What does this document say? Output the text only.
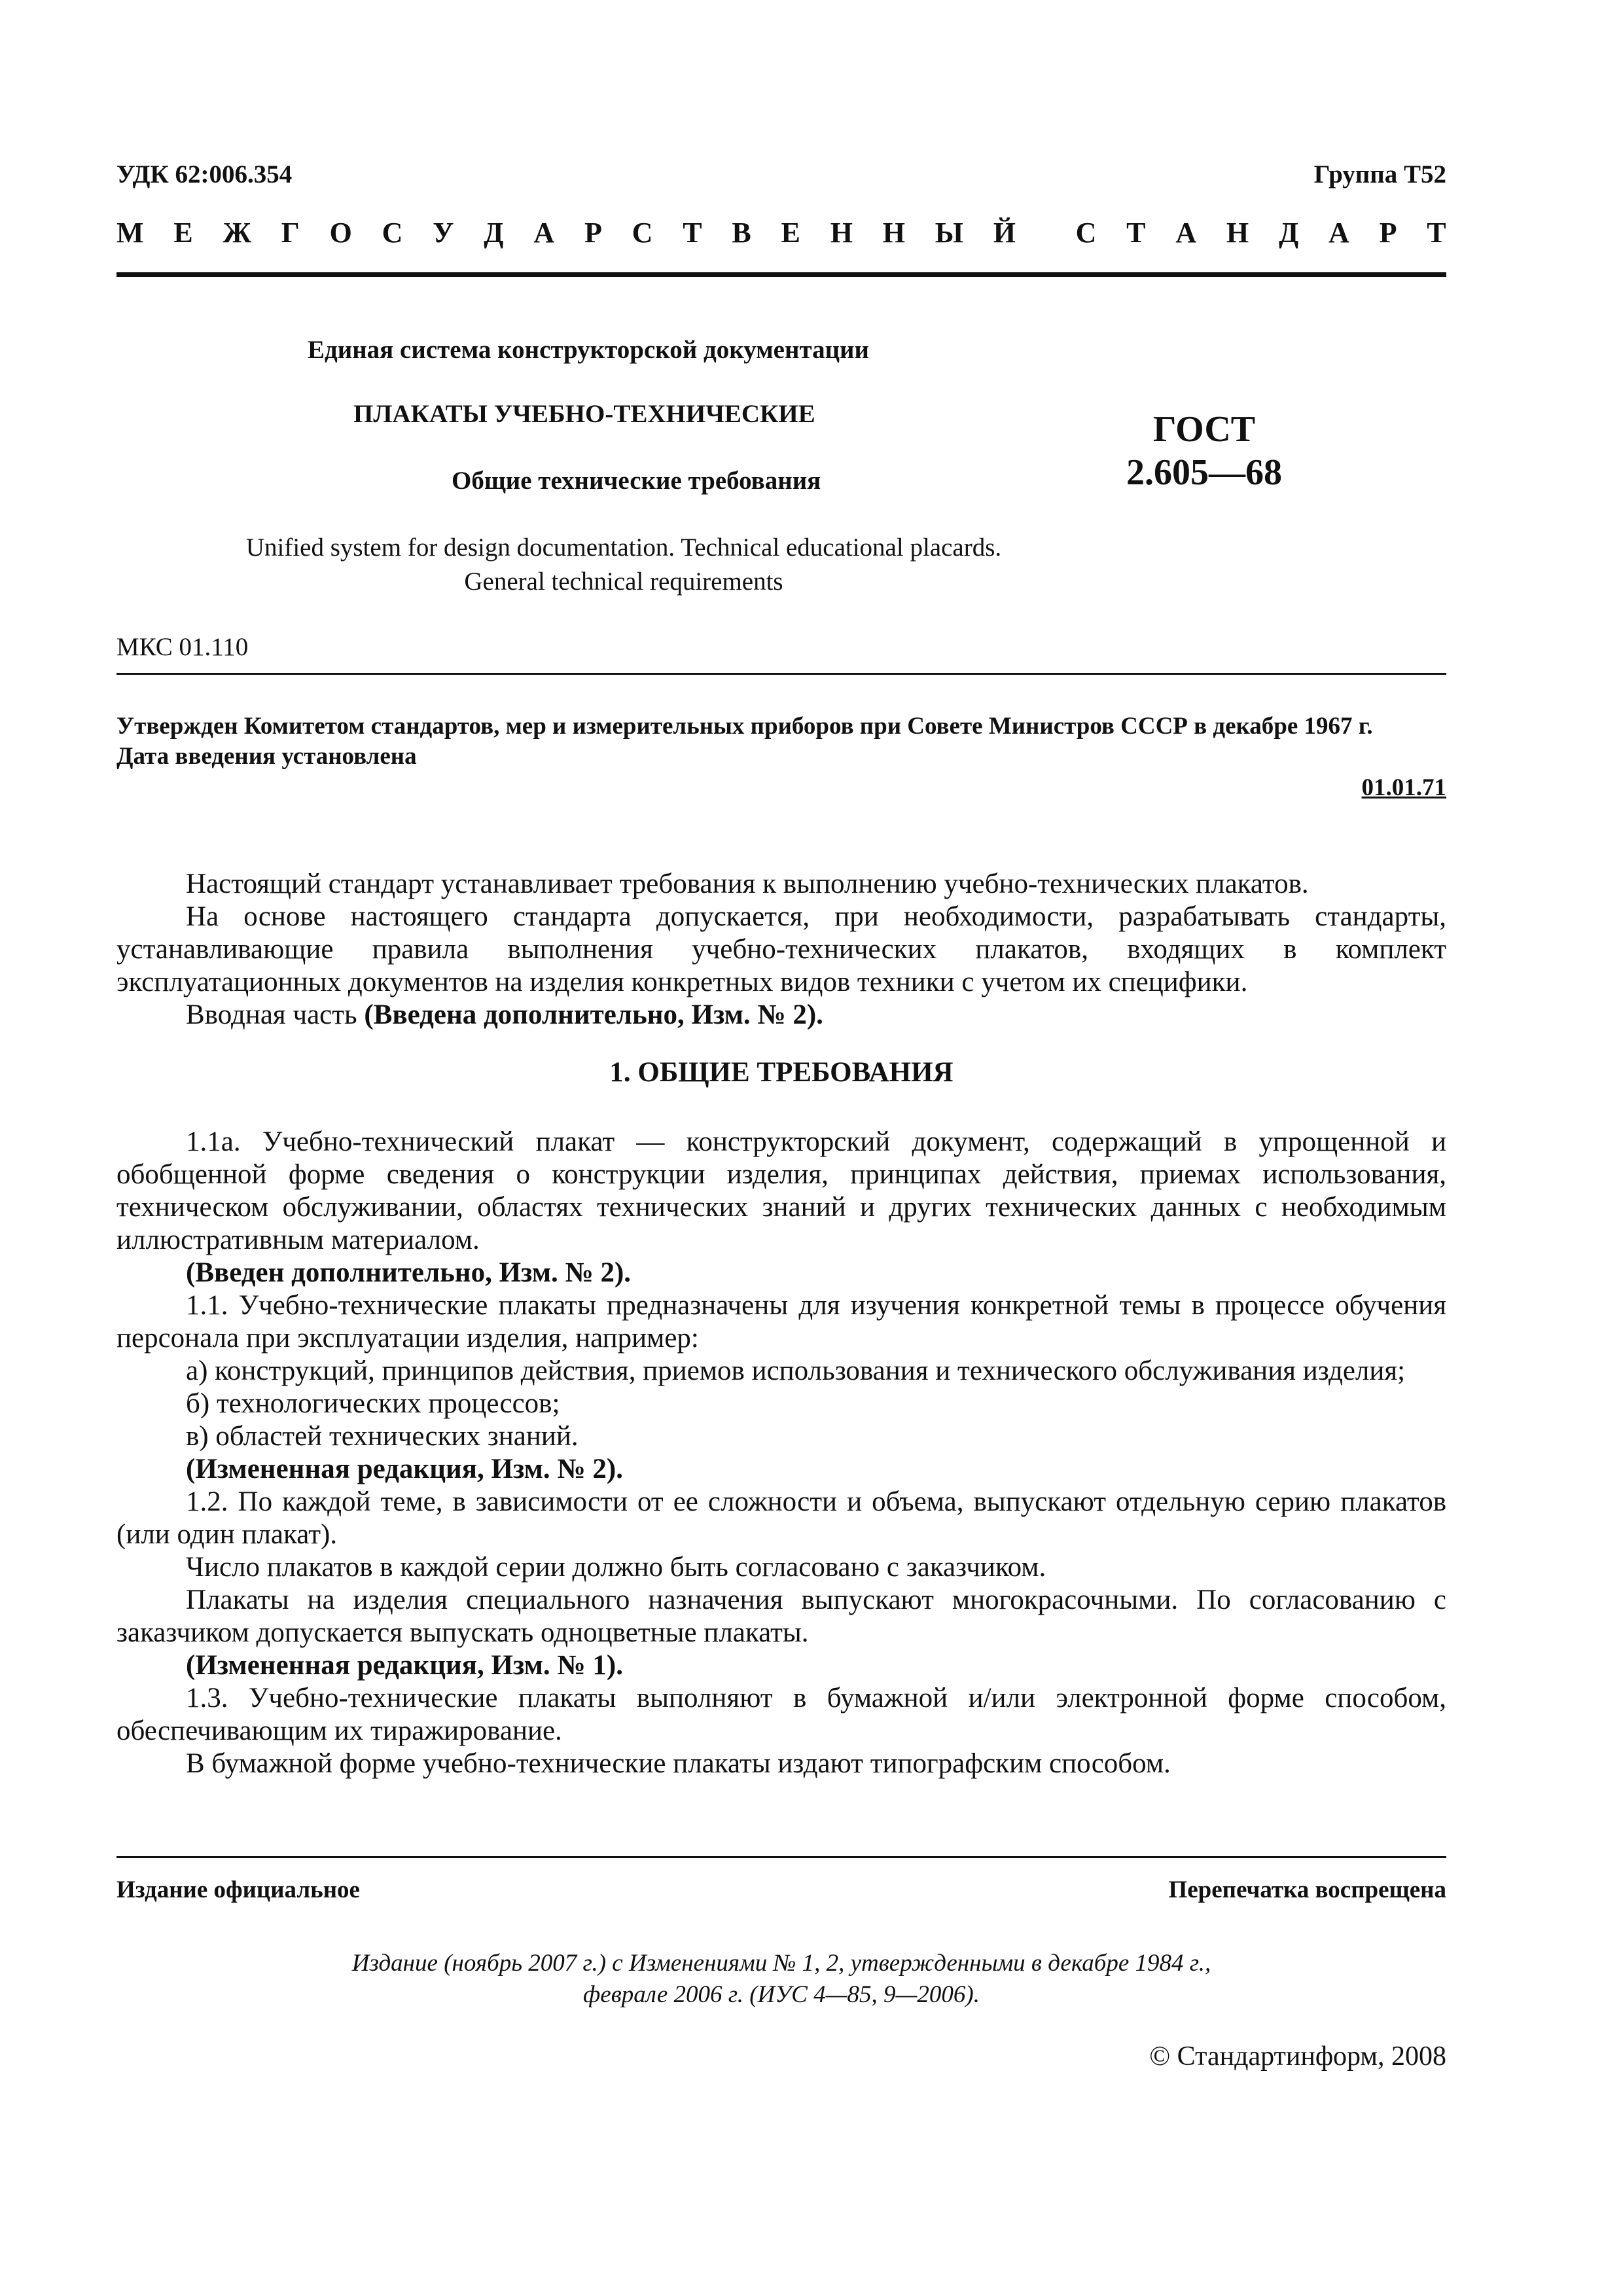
УДК 62:006.354	Группа Т52
М Е Ж Г О С У Д А Р С Т В Е Н Н Ы Й С Т А Н Д А Р Т
Единая система конструкторской документации
ПЛАКАТЫ УЧЕБНО-ТЕХНИЧЕСКИЕ
Общие технические требования
ГОСТ
2.605—68
Unified system for design documentation. Technical educational placards.
General technical requirements
МКС 01.110
Утвержден Комитетом стандартов, мер и измерительных приборов при Совете Министров СССР в декабре 1967 г.
Дата введения установлена
01.01.71

Настоящий стандарт устанавливает требования к выполнению учебно-технических плакатов.

На основе настоящего стандарта допускается, при необходимости, разрабатывать стандарты, устанавливающие правила выполнения учебно-технических плакатов, входящих в комплект эксплуатационных документов на изделия конкретных видов техники с учетом их специфики.

Вводная часть (Введена дополнительно, Изм. № 2).

1. ОБЩИЕ ТРЕБОВАНИЯ

1.1а. Учебно-технический плакат — конструкторский документ, содержащий в упрощенной и обобщенной форме сведения о конструкции изделия, принципах действия, приемах использования, техническом обслуживании, областях технических знаний и других технических данных с необходимым иллюстративным материалом.

(Введен дополнительно, Изм. № 2).

1.1. Учебно-технические плакаты предназначены для изучения конкретной темы в процессе обучения персонала при эксплуатации изделия, например:

а) конструкций, принципов действия, приемов использования и технического обслуживания изделия;

б) технологических процессов;

в) областей технических знаний.

(Измененная редакция, Изм. № 2).

1.2. По каждой теме, в зависимости от ее сложности и объема, выпускают отдельную серию плакатов (или один плакат).

Число плакатов в каждой серии должно быть согласовано с заказчиком.

Плакаты на изделия специального назначения выпускают многокрасочными. По согласованию с заказчиком допускается выпускать одноцветные плакаты.

(Измененная редакция, Изм. № 1).

1.3. Учебно-технические плакаты выполняют в бумажной и/или электронной форме способом, обеспечивающим их тиражирование.

В бумажной форме учебно-технические плакаты издают типографским способом.

Издание официальное	Перепечатка воспрещена
Издание (ноябрь 2007 г.) с Изменениями № 1, 2, утвержденными в декабре 1984 г.,
феврале 2006 г. (ИУС 4—85, 9—2006).
© Стандартинформ, 2008
